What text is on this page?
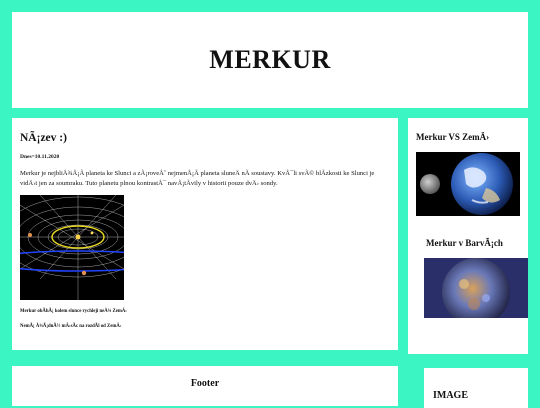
MERKUR
NÃ¡zev :)
Dnes=10.11.2020
Merkur je nejbliÅ¾Å¡Ã planeta ke Slunci a zÃ¡roveÅˆ nejmenÅ¡Ã planeta sluneÄ nÃ soustavy. KvÅ¯li svÃ© blÃzkosti ke Slunci je vidÄ›t jen za soumraku. Tuto planetu plnou kontrastÅ¯ navÅ¡tÃvily v historii pouze dvÄ› sondy.
Merkur obÃhÃ¡ kolem slunce rychleji neÅ¾ ZemÄ›
NemÃ¡ Å¾Ã¡dnÃ½ mÄ›sÃc na rozdÃl od ZemÄ›
Merkur VS ZemÄ›
Merkur v BarvÃ¡ch
Footer
IMAGE
